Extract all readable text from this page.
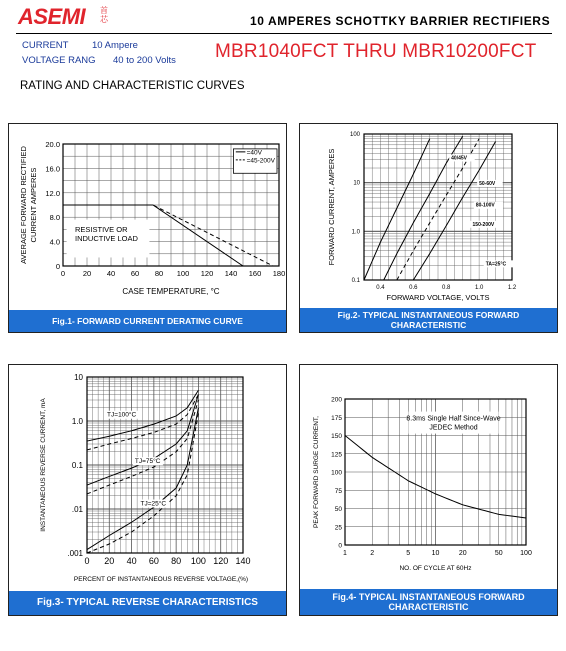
ASEMI 首芯	10 AMPERES SCHOTTKY BARRIER RECTIFIERS
CURRENT 10 Ampere
VOLTAGE RANG 40 to 200 Volts MBR1040FCT THRU MBR10200FCT
RATING AND CHARACTERISTIC CURVES
0 20 40 60 80 100 120 140 160 180
0
4.0
8.0
12.0
16.0
20.0
CASE TEMPERATURE, °C
AVERAGE FORWARD RECTIFIED CURRENT AMPERES
=40V
=45-200V
RESISTIVE OR
INDUCTIVE LOAD
Fig.1- FORWARD CURRENT DERATING CURVE
0.4	0.6	0.8	1.0	1.2
0.1
1.0
10
100
FORWARD VOLTAGE, VOLTS
FORWARD CURRENT, AMPERES	40/45V
50-60V
80-100V
150-200V
TA=25°C
Fig.2- TYPICAL INSTANTANEOUS FORWARD
CHARACTERISTIC
0 20 40 60 80 100 120 140
.001
.01
0.1
1.0
10
PERCENT OF INSTANTANEOUS REVERSE VOLTAGE,(%)
INSTANTANEOUS REVERSE CURRENT, mA	TJ=100°C
TJ=75°C
TJ=25°C
Fig.3- TYPICAL REVERSE CHARACTERISTICS
1	2	5	10	20	50	100
0
25
50
75
100
125
150
175
200
NO. OF CYCLE AT 60Hz
PEAK FORWARD SURGE CURRENT,	8.3ms Single Half Since-Wave
JEDEC Method
Fig.4- TYPICAL INSTANTANEOUS FORWARD
CHARACTERISTIC
